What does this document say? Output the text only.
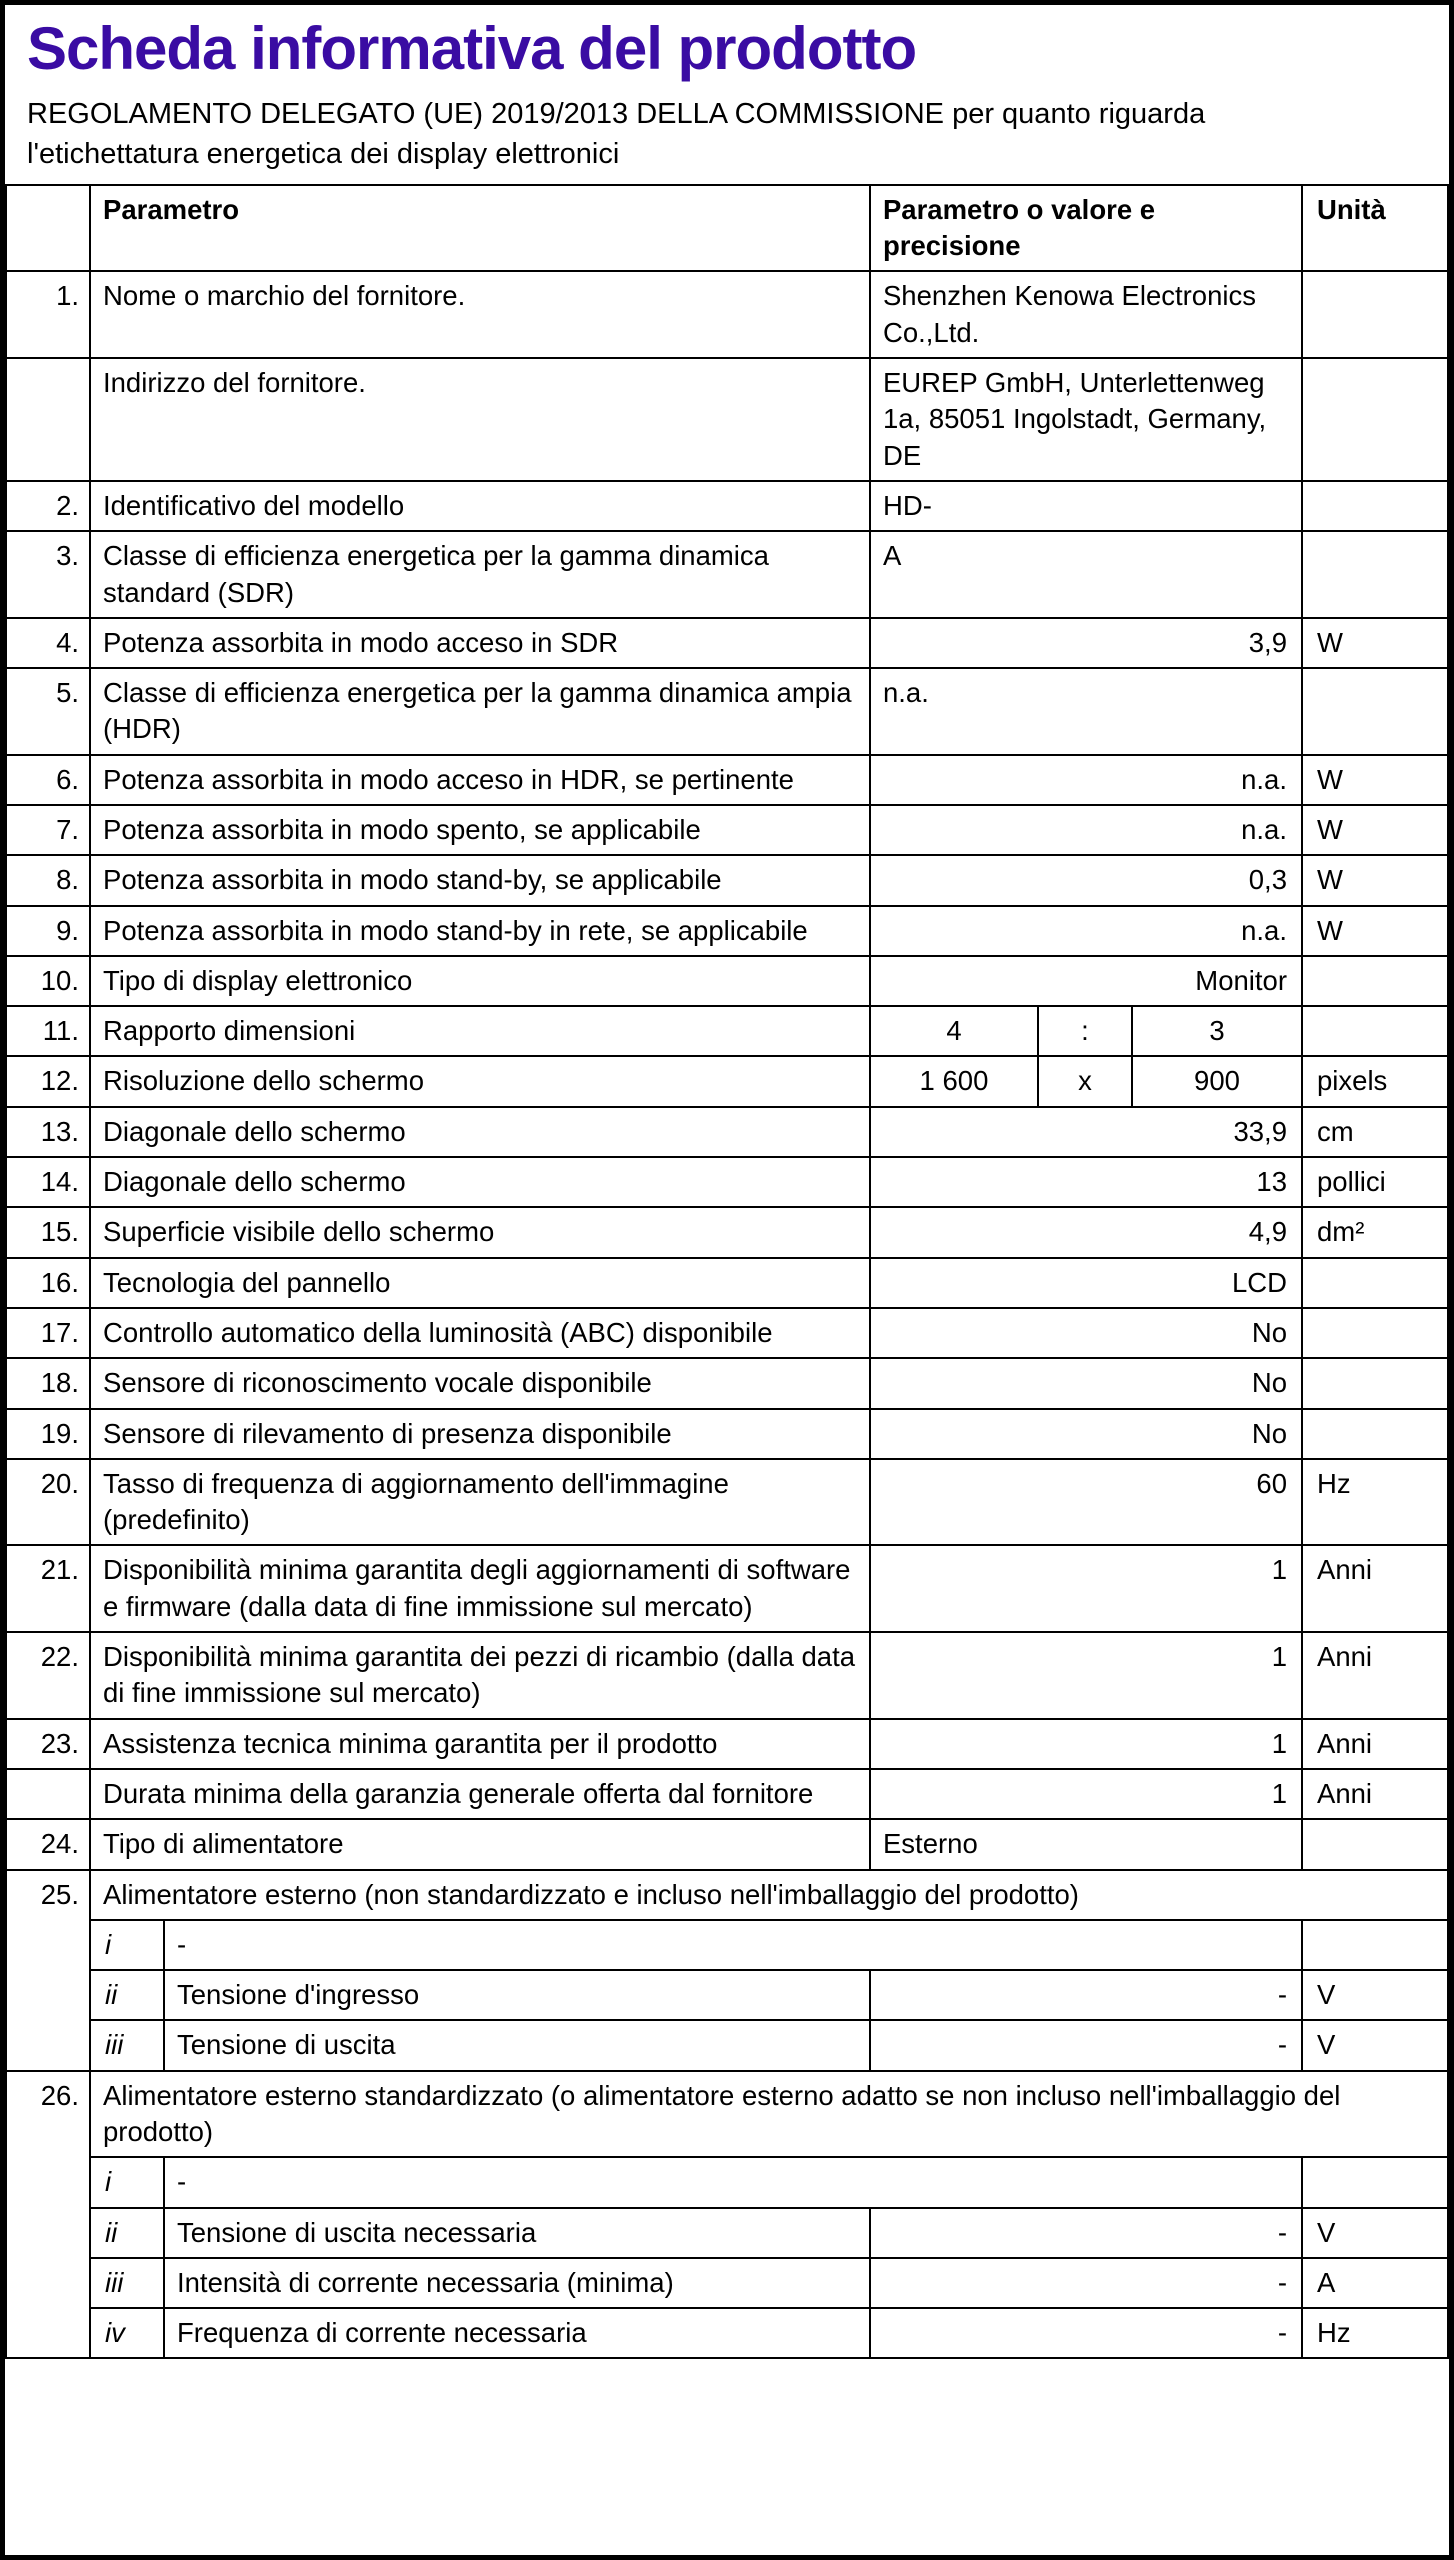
Scheda informativa del prodotto
REGOLAMENTO DELEGATO (UE) 2019/2013 DELLA COMMISSIONE per quanto riguarda l'etichettatura energetica dei display elettronici
	Parametro		Parametro o valore e precisione			Unità
1.	Nome o marchio del fornitore.		Shenzhen Kenowa Electronics Co.,Ltd.			
	Indirizzo del fornitore.		EUREP GmbH, Unterlettenweg 1a, 85051 Ingolstadt, Germany, DE			
2.	Identificativo del modello		HD-			
3.	Classe di efficienza energetica per la gamma dinamica standard (SDR)		A			
4.	Potenza assorbita in modo acceso in SDR		3,9			W
5.	Classe di efficienza energetica per la gamma dinamica ampia (HDR)		n.a.			
6.	Potenza assorbita in modo acceso in HDR, se pertinente		n.a.			W
7.	Potenza assorbita in modo spento, se applicabile		n.a.			W
8.	Potenza assorbita in modo stand-by, se applicabile		0,3			W
9.	Potenza assorbita in modo stand-by in rete, se applicabile		n.a.			W
10.	Tipo di display elettronico		Monitor			
11.	Rapporto dimensioni		4	:	3	
12.	Risoluzione dello schermo		1 600	x	900	pixels
13.	Diagonale dello schermo		33,9			cm
14.	Diagonale dello schermo		13			pollici
15.	Superficie visibile dello schermo		4,9			dm²
16.	Tecnologia del pannello		LCD			
17.	Controllo automatico della luminosità (ABC) disponibile		No			
18.	Sensore di riconoscimento vocale disponibile		No			
19.	Sensore di rilevamento di presenza disponibile		No			
20.	Tasso di frequenza di aggiornamento dell'immagine (predefinito)		60			Hz
21.	Disponibilità minima garantita degli aggiornamenti di software e firmware (dalla data di fine immissione sul mercato)		1			Anni
22.	Disponibilità minima garantita dei pezzi di ricambio (dalla data di fine immissione sul mercato)		1			Anni
23.	Assistenza tecnica minima garantita per il prodotto		1			Anni
	Durata minima della garanzia generale offerta dal fornitore		1			Anni
24.	Tipo di alimentatore		Esterno			
25.	Alimentatore esterno (non standardizzato e incluso nell'imballaggio del prodotto)					
	i	-				
	ii	Tensione d'ingresso	-			V
	iii	Tensione di uscita	-			V
26.	Alimentatore esterno standardizzato (o alimentatore esterno adatto se non incluso nell'imballaggio del prodotto)					
	i	-				
	ii	Tensione di uscita necessaria	-			V
	iii	Intensità di corrente necessaria (minima)	-			A
	iv	Frequenza di corrente necessaria	-			Hz
